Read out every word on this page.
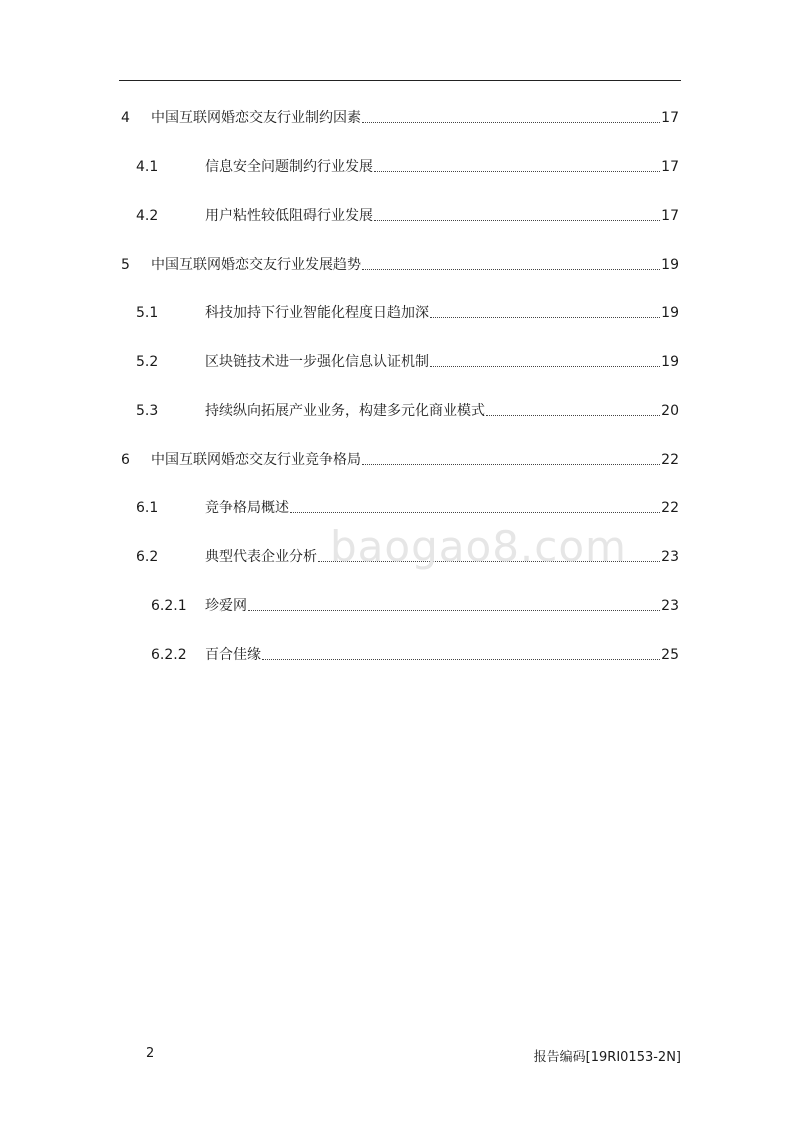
4 中国互联网婚恋交友行业制约因素	17
4.1	信息安全问题制约行业发展	17
4.2	用户粘性较低阻碍行业发展	17
5 中国互联网婚恋交友行业发展趋势	19
5.1	科技加持下行业智能化程度日趋加深	19
5.2	区块链技术进一步强化信息认证机制	19
5.3	持续纵向拓展产业业务，构建多元化商业模式	20
6 中国互联网婚恋交友行业竞争格局	22
6.1	竞争格局概述	22
6.2	典型代表企业分析	23
6.2.1 珍爱网	23
6.2.2 百合佳缘	25
baogao8.com
2	报告编码[19RI0153-2N]
